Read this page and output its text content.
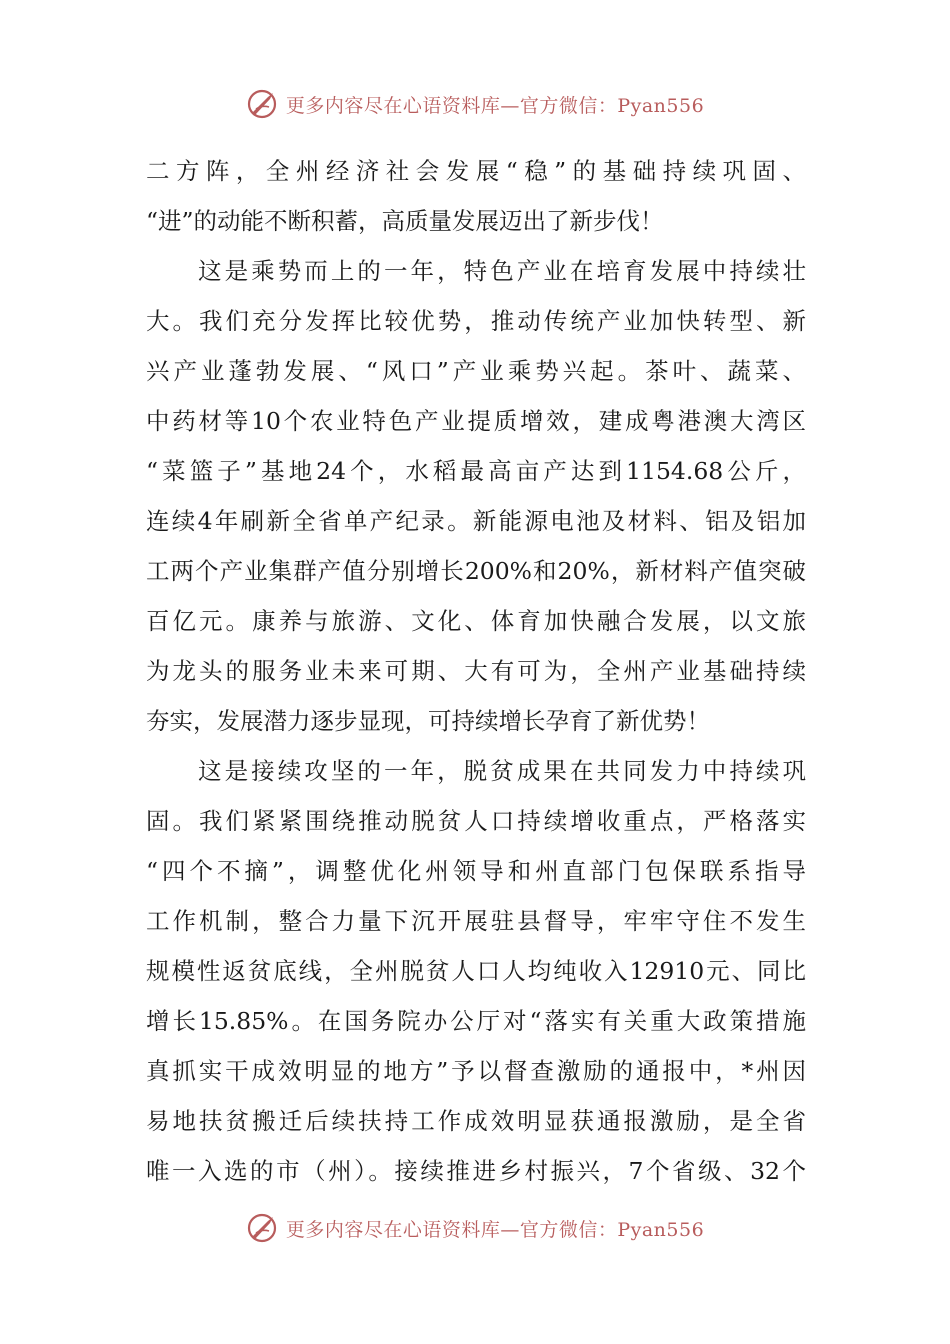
更多内容尽在心语资料库—官方微信：Pyan556
二方阵，全州经济社会发展“稳”的基础持续巩固、
“进”的动能不断积蓄，高质量发展迈出了新步伐！
这是乘势而上的一年，特色产业在培育发展中持续壮
大。我们充分发挥比较优势，推动传统产业加快转型、新
兴产业蓬勃发展、“风口”产业乘势兴起。茶叶、蔬菜、
中药材等10个农业特色产业提质增效，建成粤港澳大湾区
“菜篮子”基地24个，水稻最高亩产达到1154.68公斤，
连续4年刷新全省单产纪录。新能源电池及材料、铝及铝加
工两个产业集群产值分别增长200%和20%，新材料产值突破
百亿元。康养与旅游、文化、体育加快融合发展，以文旅
为龙头的服务业未来可期、大有可为，全州产业基础持续
夯实，发展潜力逐步显现，可持续增长孕育了新优势！
这是接续攻坚的一年，脱贫成果在共同发力中持续巩
固。我们紧紧围绕推动脱贫人口持续增收重点，严格落实
“四个不摘”，调整优化州领导和州直部门包保联系指导
工作机制，整合力量下沉开展驻县督导，牢牢守住不发生
规模性返贫底线，全州脱贫人口人均纯收入12910元、同比
增长15.85%。在国务院办公厅对“落实有关重大政策措施
真抓实干成效明显的地方”予以督查激励的通报中，*州因
易地扶贫搬迁后续扶持工作成效明显获通报激励，是全省
唯一入选的市（州）。接续推进乡村振兴，7个省级、32个
更多内容尽在心语资料库—官方微信：Pyan556
